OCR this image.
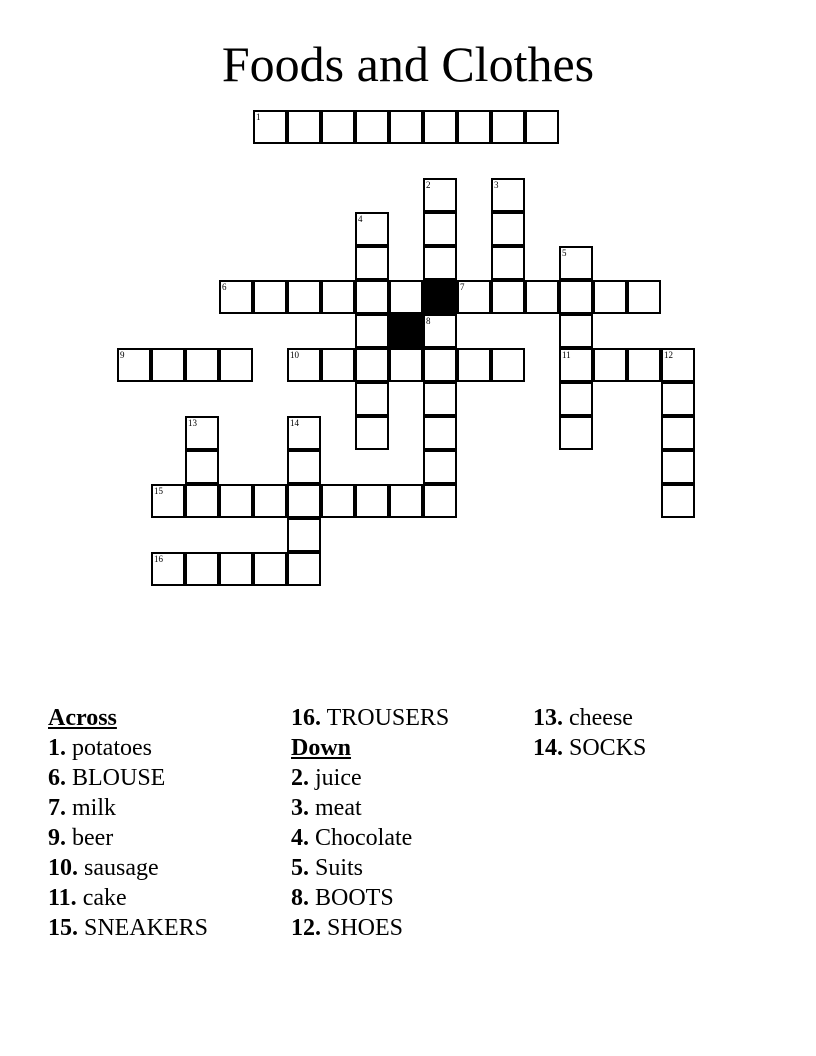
Foods and Clothes
1
2	3
4
5
6	7
8
9	10	11	12
13	14
15
16
Across
1. potatoes
6. BLOUSE
7. milk
9. beer
10. sausage
11. cake
15. SNEAKERS
16. TROUSERS
Down
2. juice
3. meat
4. Chocolate
5. Suits
8. BOOTS
12. SHOES
13. cheese
14. SOCKS
